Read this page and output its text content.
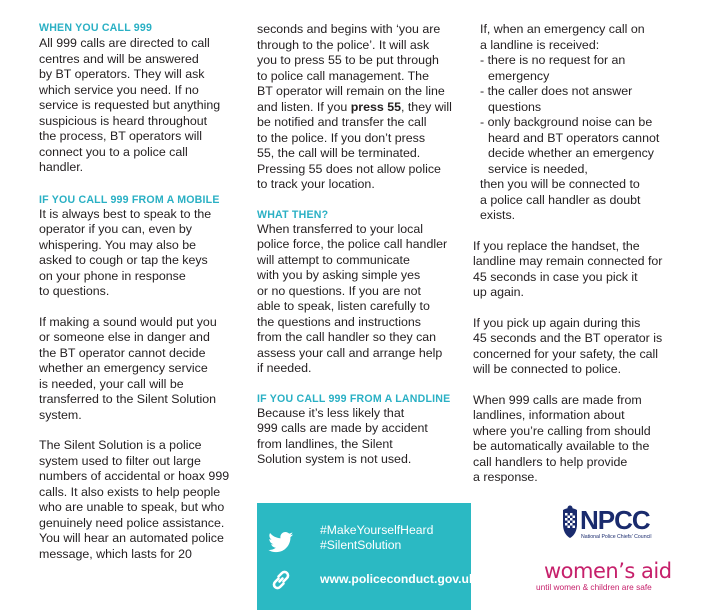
WHEN YOU CALL 999
All 999 calls are directed to call
centres and will be answered
by BT operators. They will ask
which service you need. If no
service is requested but anything
suspicious is heard throughout
the process, BT operators will
connect you to a police call
handler.
IF YOU CALL 999 FROM A MOBILE
It is always best to speak to the
operator if you can, even by
whispering. You may also be
asked to cough or tap the keys
on your phone in response
to questions.
If making a sound would put you
or someone else in danger and
the BT operator cannot decide
whether an emergency service
is needed, your call will be
transferred to the Silent Solution
system.
The Silent Solution is a police
system used to filter out large
numbers of accidental or hoax 999
calls. It also exists to help people
who are unable to speak, but who
genuinely need police assistance.
You will hear an automated police
message, which lasts for 20
seconds and begins with ‘you are
through to the police’. It will ask
you to press 55 to be put through
to police call management. The
BT operator will remain on the line
and listen. If you press 55, they will
be notified and transfer the call
to the police. If you don’t press
55, the call will be terminated.
Pressing 55 does not allow police
to track your location.
WHAT THEN?
When transferred to your local
police force, the police call handler
will attempt to communicate
with you by asking simple yes
or no questions. If you are not
able to speak, listen carefully to
the questions and instructions
from the call handler so they can
assess your call and arrange help
if needed.
IF YOU CALL 999 FROM A LANDLINE
Because it’s less likely that
999 calls are made by accident
from landlines, the Silent
Solution system is not used.
If, when an emergency call on
a landline is received:
- there is no request for an
emergency
- the caller does not answer
questions
- only background noise can be
heard and BT operators cannot
decide whether an emergency
service is needed,
then you will be connected to
a police call handler as doubt
exists.
If you replace the handset, the
landline may remain connected for
45 seconds in case you pick it
up again.
If you pick up again during this
45 seconds and the BT operator is
concerned for your safety, the call
will be connected to police.
When 999 calls are made from
landlines, information about
where you’re calling from should
be automatically available to the
call handlers to help provide
a response.
#MakeYourselfHeard
#SilentSolution
www.policeconduct.gov.uk
NPCC
National Police Chiefs' Council
women’s aid
until women & children are safe
